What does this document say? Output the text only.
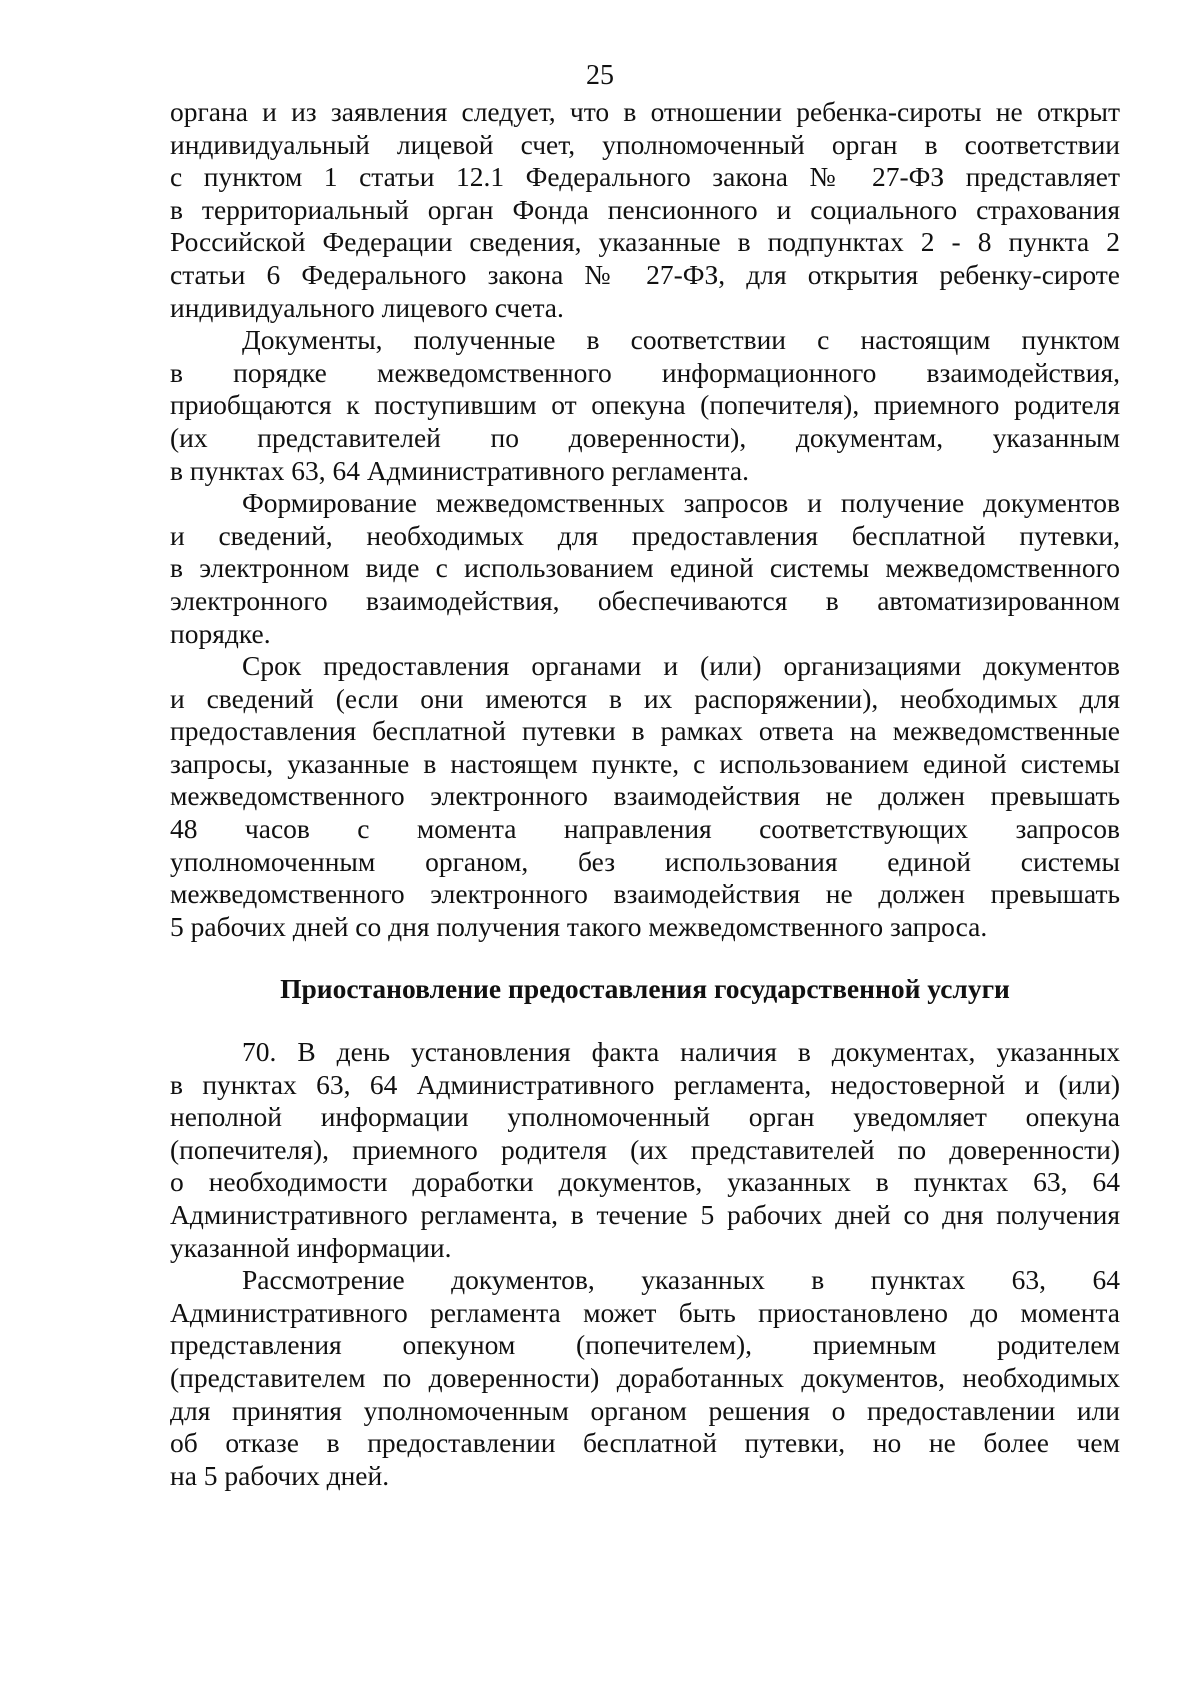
25

органа и из заявления следует, что в отношении ребенка-сироты не открыт
индивидуальный лицевой счет, уполномоченный орган в соответствии
с пунктом 1 статьи 12.1 Федерального закона № 27-ФЗ представляет
в территориальный орган Фонда пенсионного и социального страхования
Российской Федерации сведения, указанные в подпунктах 2 - 8 пункта 2
статьи 6 Федерального закона № 27-ФЗ, для открытия ребенку-сироте
индивидуального лицевого счета.

Документы, полученные в соответствии с настоящим пунктом
в порядке межведомственного информационного взаимодействия,
приобщаются к поступившим от опекуна (попечителя), приемного родителя
(их представителей по доверенности), документам, указанным
в пунктах 63, 64 Административного регламента.

Формирование межведомственных запросов и получение документов
и сведений, необходимых для предоставления бесплатной путевки,
в электронном виде с использованием единой системы межведомственного
электронного взаимодействия, обеспечиваются в автоматизированном
порядке.

Срок предоставления органами и (или) организациями документов
и сведений (если они имеются в их распоряжении), необходимых для
предоставления бесплатной путевки в рамках ответа на межведомственные
запросы, указанные в настоящем пункте, с использованием единой системы
межведомственного электронного взаимодействия не должен превышать
48 часов с момента направления соответствующих запросов
уполномоченным органом, без использования единой системы
межведомственного электронного взаимодействия не должен превышать
5 рабочих дней со дня получения такого межведомственного запроса.

Приостановление предоставления государственной услуги

70. В день установления факта наличия в документах, указанных
в пунктах 63, 64 Административного регламента, недостоверной и (или)
неполной информации уполномоченный орган уведомляет опекуна
(попечителя), приемного родителя (их представителей по доверенности)
о необходимости доработки документов, указанных в пунктах 63, 64
Административного регламента, в течение 5 рабочих дней со дня получения
указанной информации.

Рассмотрение документов, указанных в пунктах 63, 64
Административного регламента может быть приостановлено до момента
представления опекуном (попечителем), приемным родителем
(представителем по доверенности) доработанных документов, необходимых
для принятия уполномоченным органом решения о предоставлении или
об отказе в предоставлении бесплатной путевки, но не более чем
на 5 рабочих дней.
